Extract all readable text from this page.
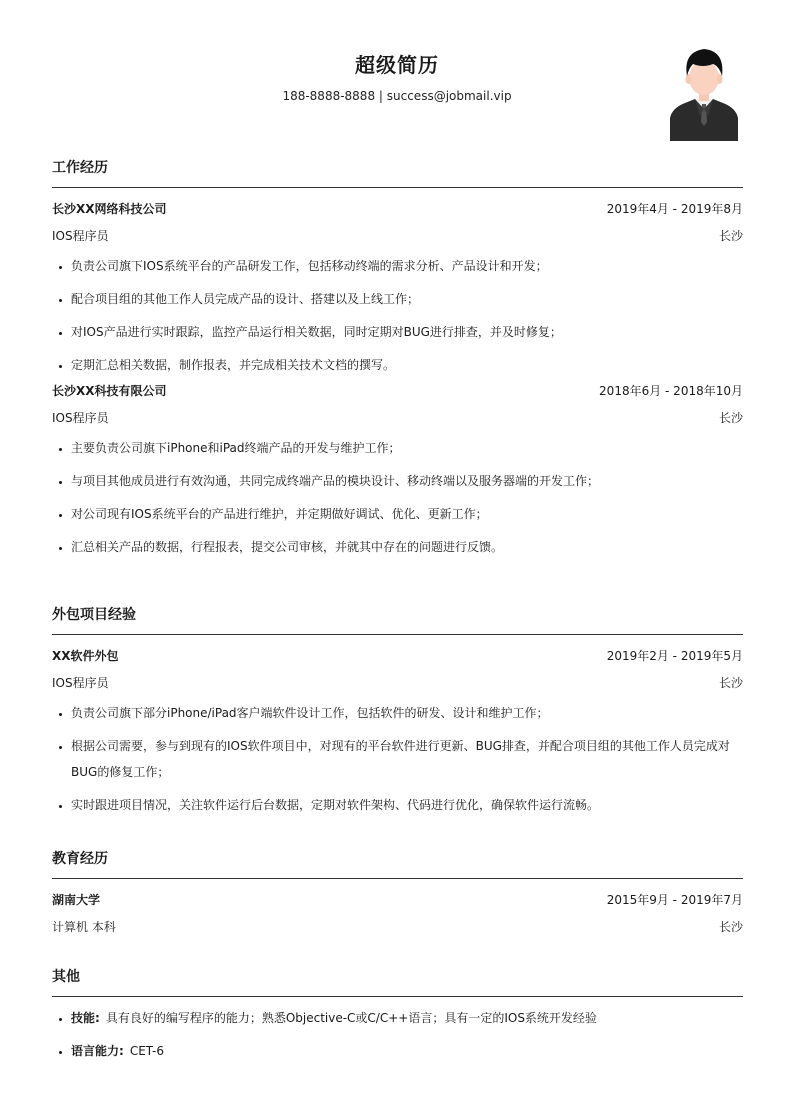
超级简历
188-8888-8888 | success@jobmail.vip
工作经历
长沙XX网络科技公司	2019年4月 - 2019年8月
IOS程序员	长沙
• 负责公司旗下IOS系统平台的产品研发工作，包括移动终端的需求分析、产品设计和开发；
• 配合项目组的其他工作人员完成产品的设计、搭建以及上线工作；
• 对IOS产品进行实时跟踪，监控产品运行相关数据，同时定期对BUG进行排查，并及时修复；
• 定期汇总相关数据，制作报表，并完成相关技术文档的撰写。
长沙XX科技有限公司	2018年6月 - 2018年10月
IOS程序员	长沙
• 主要负责公司旗下iPhone和iPad终端产品的开发与维护工作；
• 与项目其他成员进行有效沟通，共同完成终端产品的模块设计、移动终端以及服务器端的开发工作；
• 对公司现有IOS系统平台的产品进行维护，并定期做好调试、优化、更新工作；
• 汇总相关产品的数据，行程报表，提交公司审核，并就其中存在的问题进行反馈。
外包项目经验
XX软件外包	2019年2月 - 2019年5月
IOS程序员	长沙
• 负责公司旗下部分iPhone/iPad客户端软件设计工作，包括软件的研发、设计和维护工作；
• 根据公司需要，参与到现有的IOS软件项目中，对现有的平台软件进行更新、BUG排查，并配合项目组的其他工作人员完成对BUG的修复工作；
• 实时跟进项目情况，关注软件运行后台数据，定期对软件架构、代码进行优化，确保软件运行流畅。
教育经历
湖南大学	2015年9月 - 2019年7月
计算机 本科	长沙
其他
• 技能: 具有良好的编写程序的能力；熟悉Objective-C或C/C++语言；具有一定的IOS系统开发经验
• 语言能力: CET-6
